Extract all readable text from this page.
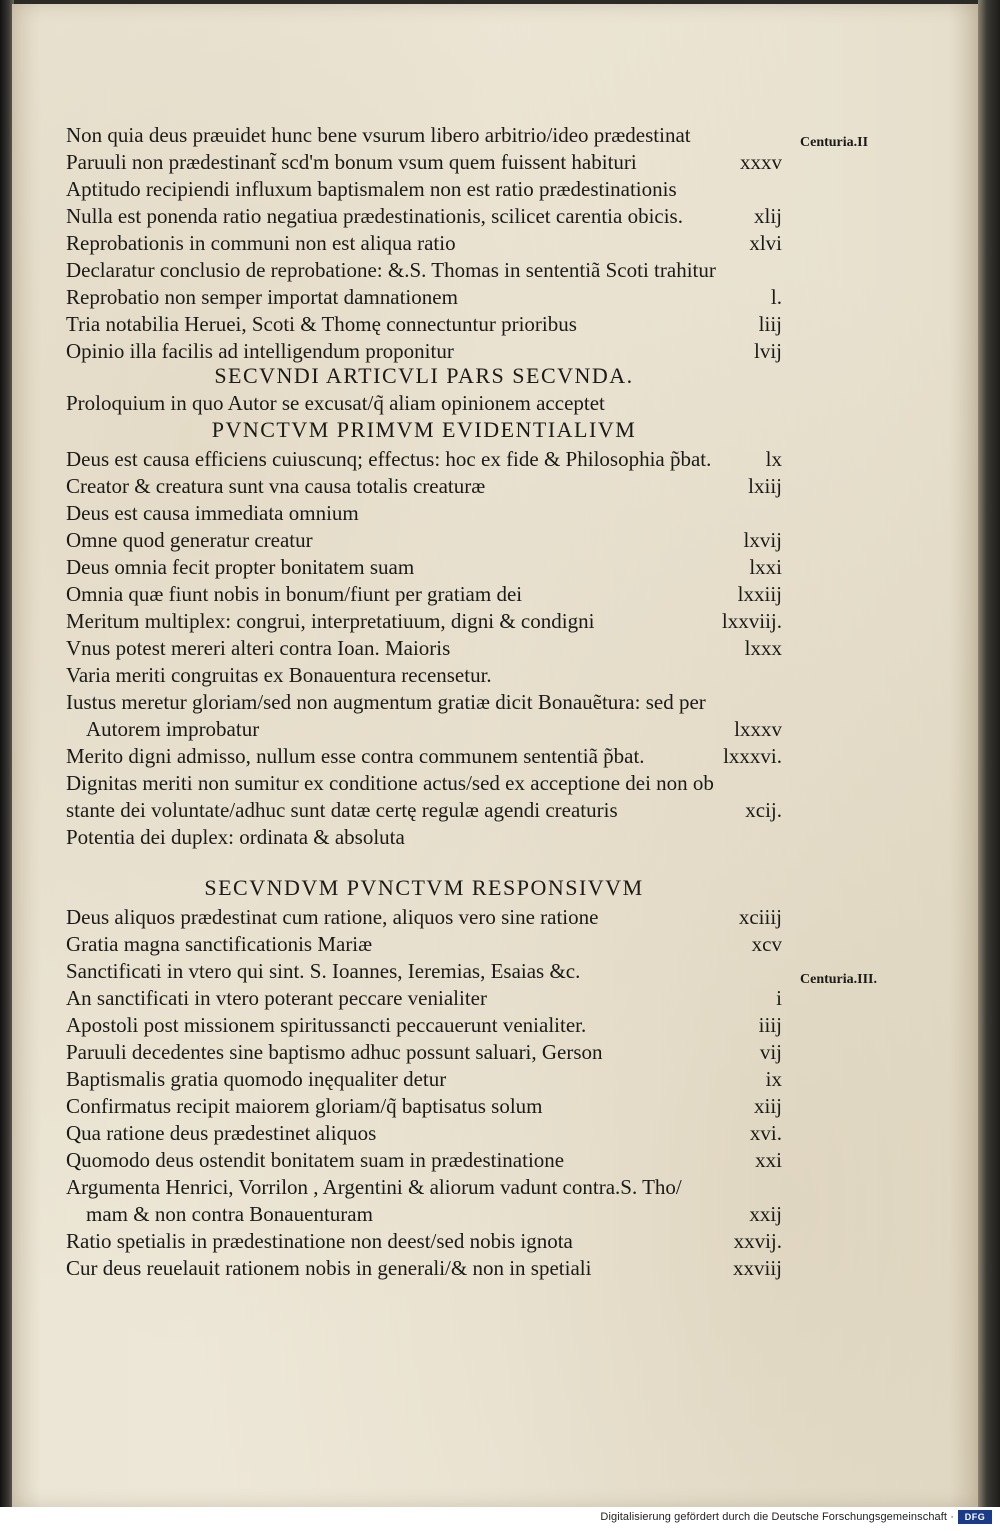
Centuria.II
Centuria.III.
Non quia deus præuidet hunc bene vsurum libero arbitrio/ideo prædestinat
Paruuli non prædestinant̃ scd'm bonum vsum quem fuissent habituri	xxxv
Aptitudo recipiendi influxum baptismalem non est ratio prædestinationis
Nulla est ponenda ratio negatiua prædestinationis, scilicet carentia obicis.	xlij
Reprobationis in communi non est aliqua ratio	xlvi
Declaratur conclusio de reprobatione: &.S. Thomas in sententiã Scoti trahitur
Reprobatio non semper importat damnationem	l.
Tria notabilia Heruei, Scoti & Thomę connectuntur prioribus	liij
Opinio illa facilis ad intelligendum proponitur	lvij
SECVNDI ARTICVLI PARS SECVNDA.
Proloquium in quo Autor se excusat/q̃ aliam opinionem acceptet
PVNCTVM PRIMVM EVIDENTIALIVM
Deus est causa efficiens cuiuscunq; effectus: hoc ex fide & Philosophia p̃bat.	lx
Creator & creatura sunt vna causa totalis creaturæ	lxiij
Deus est causa immediata omnium
Omne quod generatur creatur	lxvij
Deus omnia fecit propter bonitatem suam	lxxi
Omnia quæ fiunt nobis in bonum/fiunt per gratiam dei	lxxiij
Meritum multiplex: congrui, interpretatiuum, digni & condigni	lxxviij.
Vnus potest mereri alteri contra Ioan. Maioris	lxxx
Varia meriti congruitas ex Bonauentura recensetur.
Iustus meretur gloriam/sed non augmentum gratiæ dicit Bonauẽtura: sed per
Autorem improbatur	lxxxv
Merito digni admisso, nullum esse contra communem sententiã p̃bat.	lxxxvi.
Dignitas meriti non sumitur ex conditione actus/sed ex acceptione dei non ob
stante dei voluntate/adhuc sunt datæ certę regulæ agendi creaturis	xcij.
Potentia dei duplex: ordinata & absoluta
SECVNDVM PVNCTVM RESPONSIVVM
Deus aliquos prædestinat cum ratione, aliquos vero sine ratione	xciiij
Gratia magna sanctificationis Mariæ	xcv
Sanctificati in vtero qui sint. S. Ioannes, Ieremias, Esaias &c.
An sanctificati in vtero poterant peccare venialiter	i
Apostoli post missionem spiritussancti peccauerunt venialiter.	iiij
Paruuli decedentes sine baptismo adhuc possunt saluari, Gerson	vij
Baptismalis gratia quomodo inęqualiter detur	ix
Confirmatus recipit maiorem gloriam/q̃ baptisatus solum	xiij
Qua ratione deus prædestinet aliquos	xvi.
Quomodo deus ostendit bonitatem suam in prædestinatione	xxi
Argumenta Henrici, Vorrilon , Argentini & aliorum vadunt contra.S. Tho/
mam & non contra Bonauenturam	xxij
Ratio spetialis in prædestinatione non deest/sed nobis ignota	xxvij.
Cur deus reuelauit rationem nobis in generali/& non in spetiali	xxviij
Digitalisierung gefördert durch die Deutsche Forschungsgemeinschaft ·	DFG
